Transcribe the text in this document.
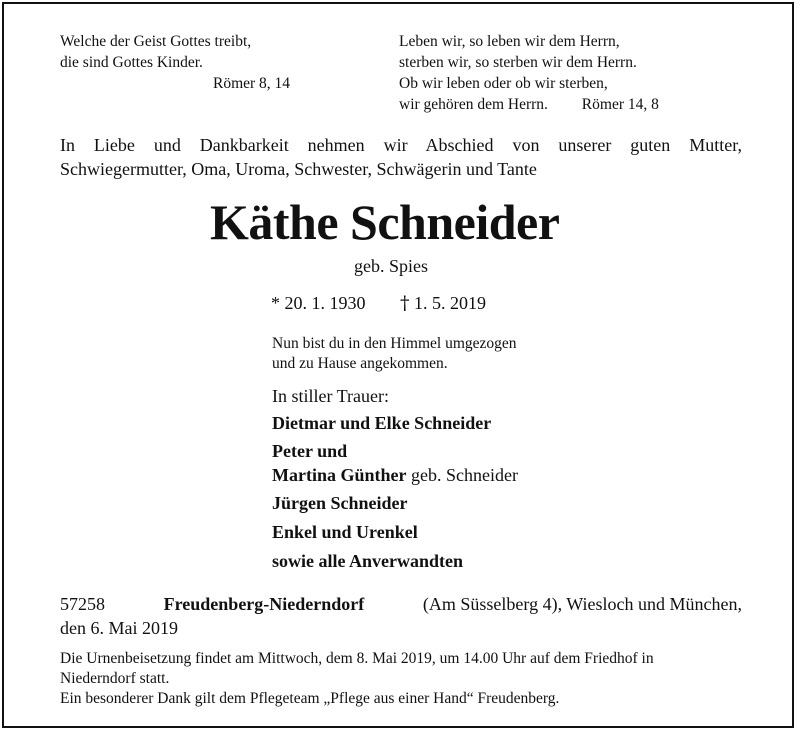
Welche der Geist Gottes treibt,
die sind Gottes Kinder.
Römer 8, 14
Leben wir, so leben wir dem Herrn,
sterben wir, so sterben wir dem Herrn.
Ob wir leben oder ob wir sterben,
wir gehören dem Herrn. Römer 14, 8
In Liebe und Dankbarkeit nehmen wir Abschied von unserer guten Mutter,
Schwiegermutter, Oma, Uroma, Schwester, Schwägerin und Tante
Käthe Schneider
geb. Spies
* 20. 1. 1930 † 1. 5. 2019
Nun bist du in den Himmel umgezogen
und zu Hause angekommen.
In stiller Trauer:
Dietmar und Elke Schneider
Peter und
Martina Günther geb. Schneider
Jürgen Schneider
Enkel und Urenkel
sowie alle Anverwandten
57258	Freudenberg-Niederndorf	(Am Süsselberg 4), Wiesloch und München,
den 6. Mai 2019
Die Urnenbeisetzung findet am Mittwoch, dem 8. Mai 2019, um 14.00 Uhr auf dem Friedhof in
Niederndorf statt.
Ein besonderer Dank gilt dem Pflegeteam „Pflege aus einer Hand“ Freudenberg.
